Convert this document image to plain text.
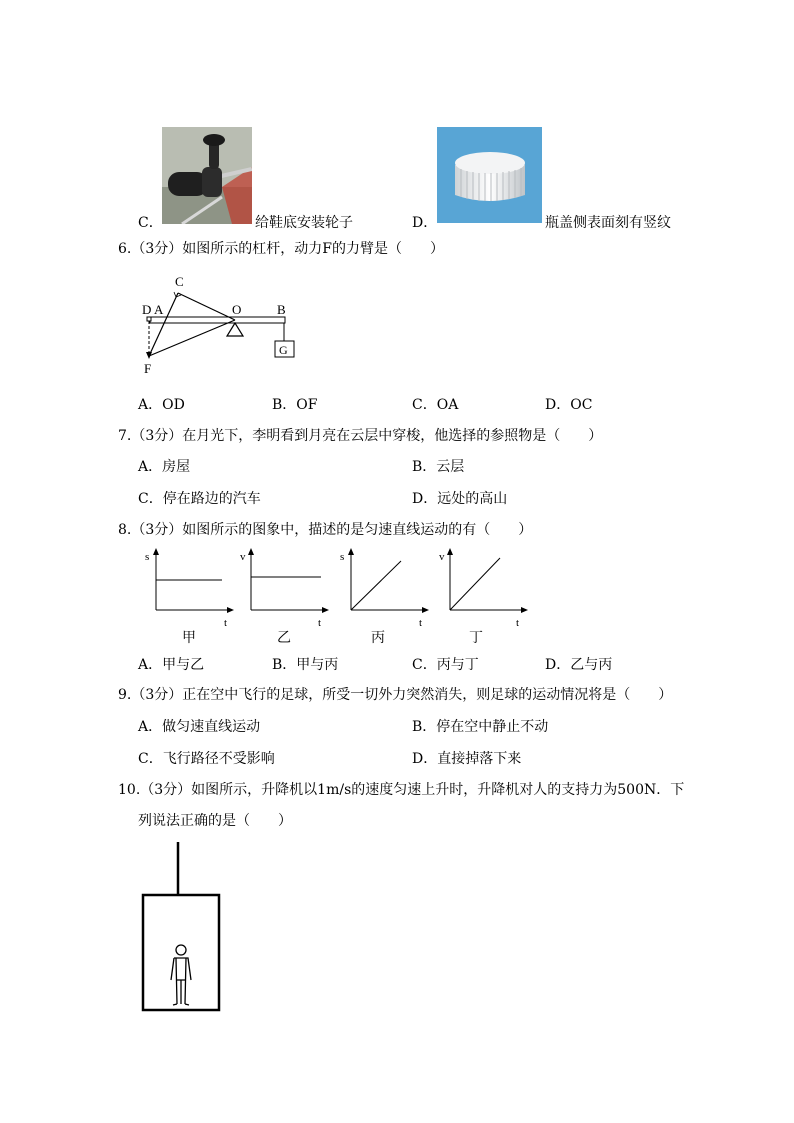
C．	给鞋底安装轮子	D．	瓶盖侧表面刻有竖纹
6.（3分）如图所示的杠杆，动力F的力臂是（　　）
C
D A	O	B
G
F
A．OD	B．OF	C．OA	D．OC
7.（3分）在月光下，李明看到月亮在云层中穿梭，他选择的参照物是（　　）
A．房屋	B．云层
C．停在路边的汽车	D．远处的高山
8.（3分）如图所示的图象中，描述的是匀速直线运动的有（　　）
s
t
甲
v
t
乙
s
t
丙
v
t
丁
A．甲与乙	B．甲与丙	C．丙与丁	D．乙与丙
9.（3分）正在空中飞行的足球，所受一切外力突然消失，则足球的运动情况将是（　　）
A．做匀速直线运动	B．停在空中静止不动
C．飞行路径不受影响	D．直接掉落下来
10.（3分）如图所示，升降机以1m/s的速度匀速上升时，升降机对人的支持力为500N．下
列说法正确的是（　　）
